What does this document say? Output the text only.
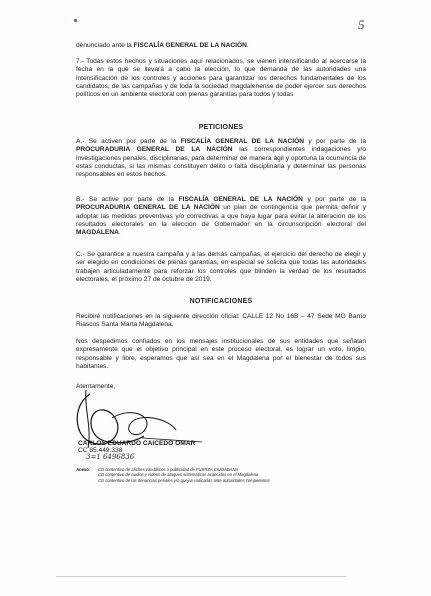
5

denunciado ante la FISCALÍA GENERAL DE LA NACIÓN.

7.- Todas estos hechos y situaciones aquí relacionados, se vienen intensificando al acercarse la fecha en la que se llevará a cabo la elección, lo que demanda de las autoridades una intensificación de los controles y acciones para garantizar los derechos fundamentales de los candidatos, de las campañas y de toda la sociedad magdalenense de poder ejercer sus derechos políticos en un ambiente electoral con plenas garantías para todos y todas

PETICIONES

A.- Se activen por parte de la FISCALÍA GENERAL DE LA NACIÓN y por parte de la PROCURADURIA GENERAL DE LA NACIÓN las correspondientes indagaciones y/o investigaciones penales, disciplinarias, para determinar de manera ágil y oportuna la ocurrencia de estas conductas, si las mismas constituyen delito o falta disciplinaria y determinar las personas responsables en estos hechos.

B.- Se active por parte de la FISCALÍA GENERAL DE LA NACIÓN y por parte de la PROCURADURIA GENERAL DE LA NACIÓN un plan de contingencia que permita definir y adoptar las medidas preventivas y/o correctivas a que haya lugar para evitar la alteración de los resultados electorales en la elección de Gobernador en la circunscripción electoral del MAGDALENA.

C.- Se garantice a nuestra campaña y a las demás campañas, el ejercicio del derecho de elegir y ser elegido en condiciones de plenas garantías, en especial se solicita que todas las autoridades trabajen articuladamente para reforzar los controles que blinden la verdad de los resultados electorales, el próximo 27 de octubre de 2019.

NOTIFICACIONES

Recibiré notificaciones en la siguiente dirección oficial: CALLE 12 No 16B – 47 Sede MG Barrio Riascos Santa Marta Magdalena.

Nos despedimos confiados en los mensajes institucionales de sus entidades que señalan expresamente que el objetivo principal en este proceso electoral, es lograr un voto, limpio, responsable y libre, esperamos que así sea en el Magdalena por el bienestar de todos sus habitantes.

Atentamente,

CARLOS EDUARDO CAICEDO OMAR
CC 85.449.338
3=1 6496836
Anexo: CD contentivo de afiches vandálicos a publicidad de FUERZA CIUDADANA
CD contentivo de audios y videos de ataques sistemáticos acaecidos en el Magdalena
CD contentivo de las denuncias penales y/o quejas radicadas ante autoridades competentes
